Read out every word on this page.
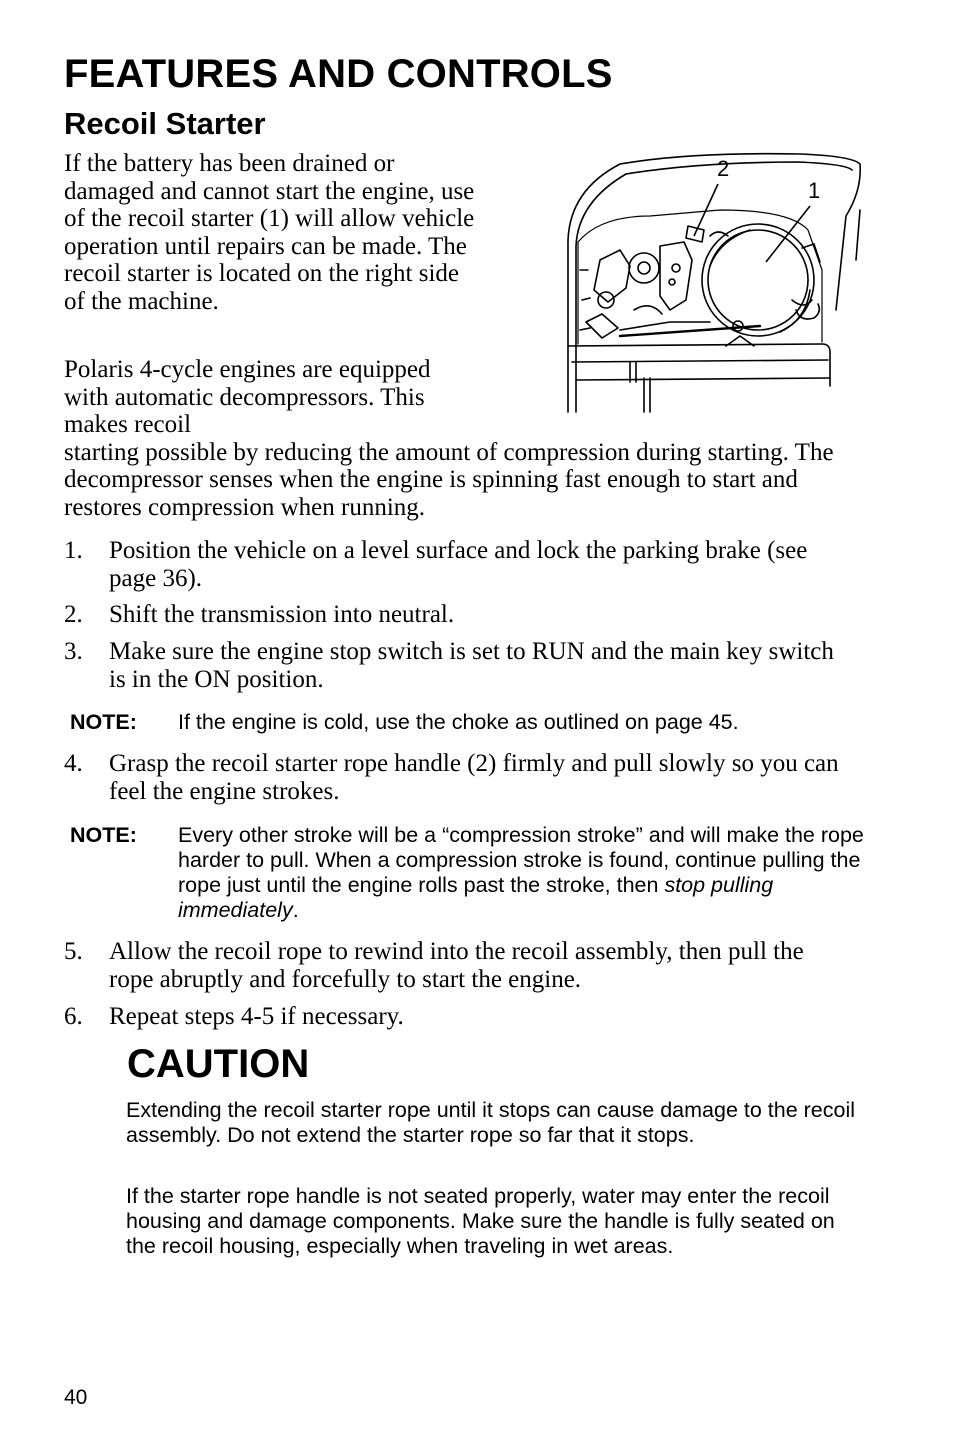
FEATURES AND CONTROLS
Recoil Starter

If the battery has been drained or damaged and cannot start the engine, use of the recoil starter (1) will allow vehicle operation until repairs can be made. The recoil starter is located on the right side of the machine.

2
1

Polaris 4-cycle engines are equipped with automatic decompressors. This makes recoil
starting possible by reducing the amount of compression during starting. The decompressor senses when the engine is spinning fast enough to start and restores compression when running.

1. Position the vehicle on a level surface and lock the parking brake (see page 36).
2. Shift the transmission into neutral.
3. Make sure the engine stop switch is set to RUN and the main key switch is in the ON position.
NOTE: If the engine is cold, use the choke as outlined on page 45.
4. Grasp the recoil starter rope handle (2) firmly and pull slowly so you can feel the engine strokes.
NOTE: Every other stroke will be a “compression stroke” and will make the rope harder to pull. When a compression stroke is found, continue pulling the rope just until the engine rolls past the stroke, then stop pulling immediately.
5. Allow the recoil rope to rewind into the recoil assembly, then pull the rope abruptly and forcefully to start the engine.
6. Repeat steps 4-5 if necessary.
CAUTION

Extending the recoil starter rope until it stops can cause damage to the recoil assembly. Do not extend the starter rope so far that it stops.

If the starter rope handle is not seated properly, water may enter the recoil housing and damage components. Make sure the handle is fully seated on the recoil housing, especially when traveling in wet areas.

40
